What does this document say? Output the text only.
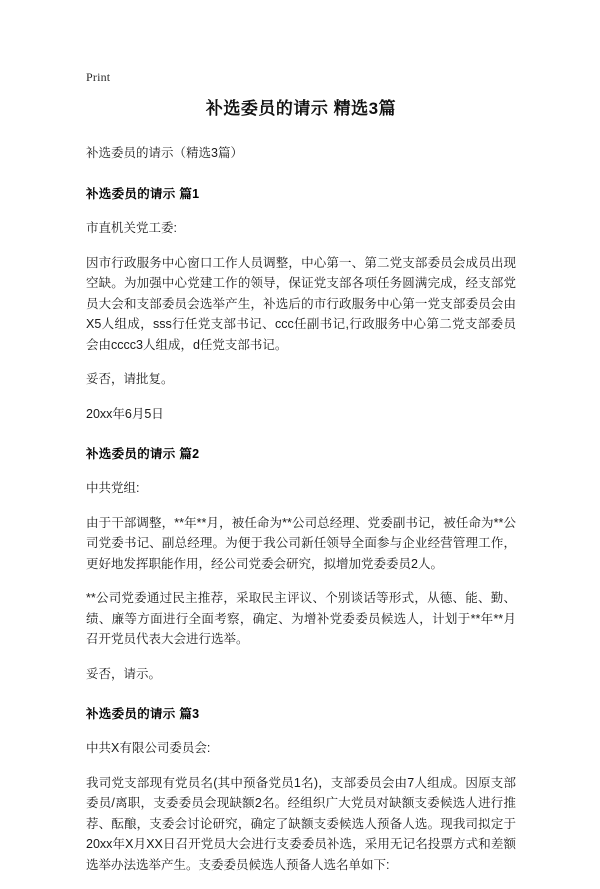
Print
补选委员的请示 精选3篇

补选委员的请示（精选3篇）

补选委员的请示 篇1

市直机关党工委:

因市行政服务中心窗口工作人员调整，中心第一、第二党支部委员会成员出现空缺。为加强中心党建工作的领导，保证党支部各项任务圆满完成，经支部党员大会和支部委员会选举产生，补选后的市行政服务中心第一党支部委员会由X5人组成，sss行任党支部书记、ccc任副书记,行政服务中心第二党支部委员会由cccc3人组成，d任党支部书记。

妥否，请批复。

20xx年6月5日

补选委员的请示 篇2

中共党组:

由于干部调整，**年**月，被任命为**公司总经理、党委副书记，被任命为**公司党委书记、副总经理。为便于我公司新任领导全面参与企业经营管理工作，更好地发挥职能作用，经公司党委会研究，拟增加党委委员2人。

**公司党委通过民主推荐，采取民主评议、个别谈话等形式，从德、能、勤、绩、廉等方面进行全面考察，确定、为增补党委委员候选人，计划于**年**月召开党员代表大会进行选举。

妥否，请示。

补选委员的请示 篇3

中共X有限公司委员会:

我司党支部现有党员名(其中预备党员1名)，支部委员会由7人组成。因原支部委员/离职，支委委员会现缺额2名。经组织广大党员对缺额支委候选人进行推荐、酝酿，支委会讨论研究，确定了缺额支委候选人预备人选。现我司拟定于20xx年X月XX日召开党员大会进行支委委员补选，采用无记名投票方式和差额选举办法选举产生。支委委员候选人预备人选名单如下:
